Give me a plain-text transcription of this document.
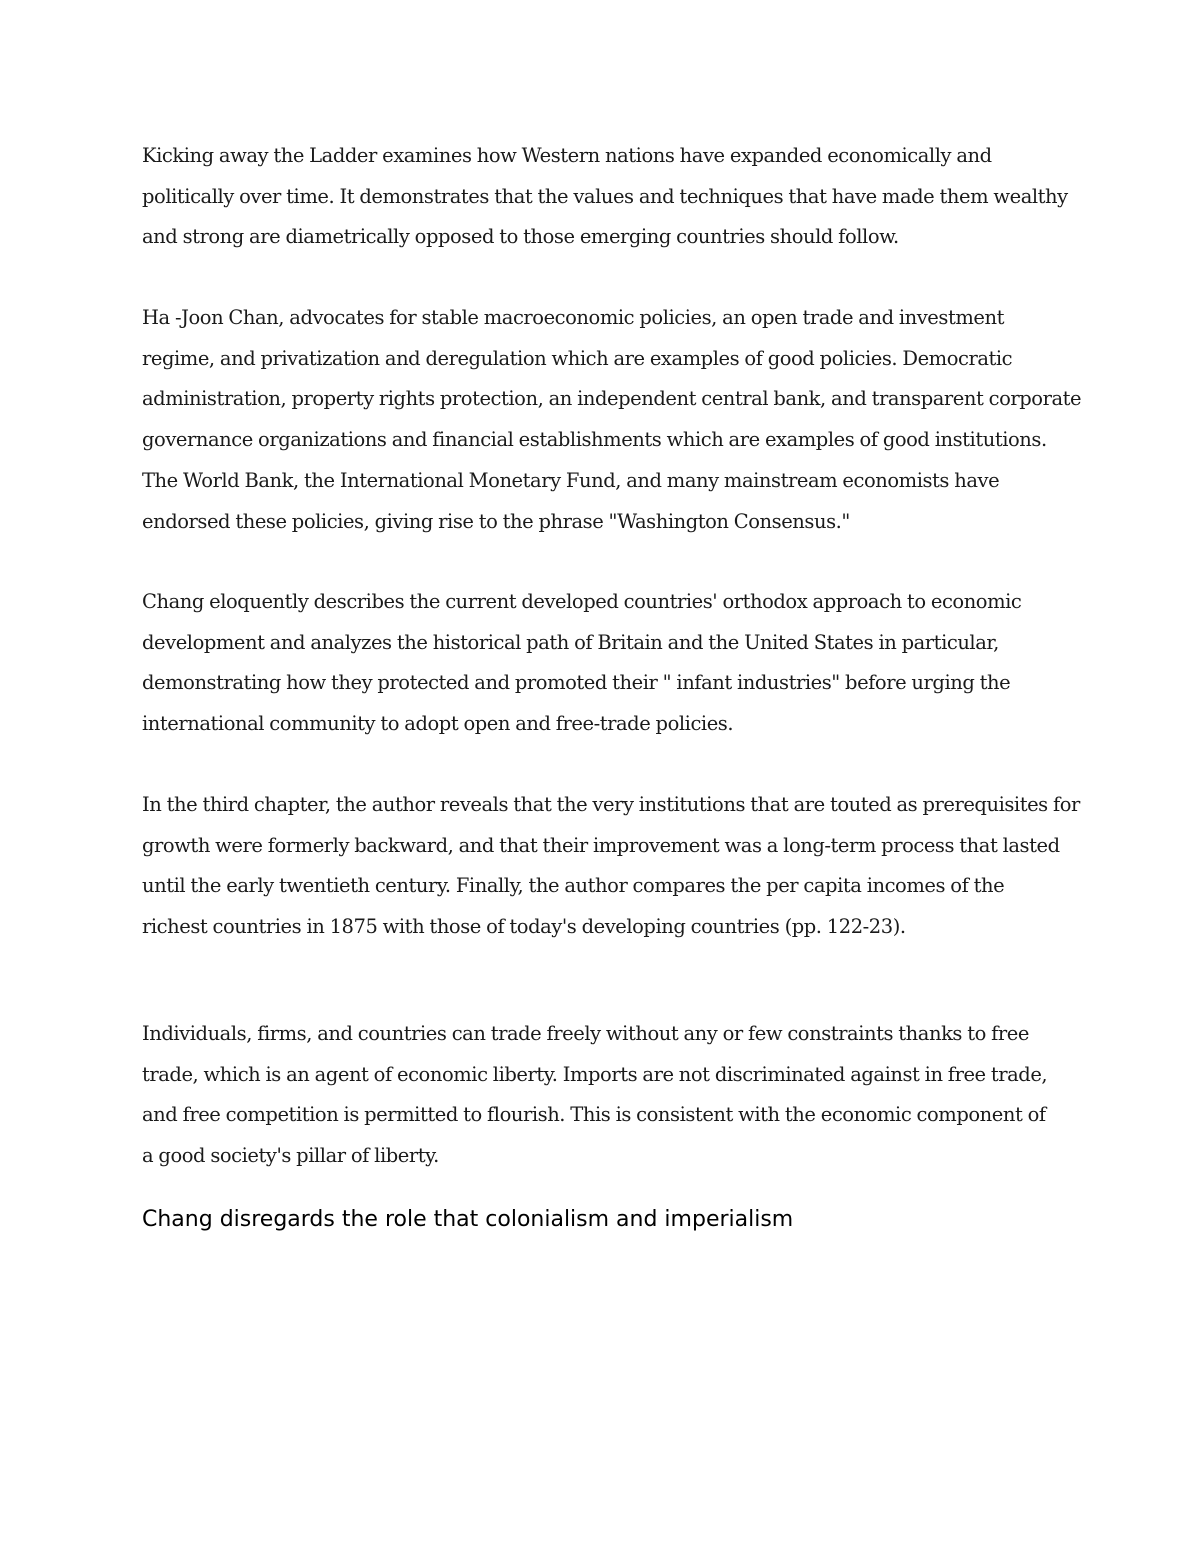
Kicking away the Ladder examines how Western nations have expanded economically and
politically over time. It demonstrates that the values and techniques that have made them wealthy
and strong are diametrically opposed to those emerging countries should follow.

Ha -Joon Chan, advocates for stable macroeconomic policies, an open trade and investment
regime, and privatization and deregulation which are examples of good policies. Democratic
administration, property rights protection, an independent central bank, and transparent corporate
governance organizations and financial establishments which are examples of good institutions.
The World Bank, the International Monetary Fund, and many mainstream economists have
endorsed these policies, giving rise to the phrase "Washington Consensus."

Chang eloquently describes the current developed countries' orthodox approach to economic
development and analyzes the historical path of Britain and the United States in particular,
demonstrating how they protected and promoted their " infant industries" before urging the
international community to adopt open and free-trade policies.

In the third chapter, the author reveals that the very institutions that are touted as prerequisites for
growth were formerly backward, and that their improvement was a long-term process that lasted
until the early twentieth century. Finally, the author compares the per capita incomes of the
richest countries in 1875 with those of today's developing countries (pp. 122-23).

Individuals, firms, and countries can trade freely without any or few constraints thanks to free
trade, which is an agent of economic liberty. Imports are not discriminated against in free trade,
and free competition is permitted to flourish. This is consistent with the economic component of
a good society's pillar of liberty.

Chang disregards the role that colonialism and imperialism
